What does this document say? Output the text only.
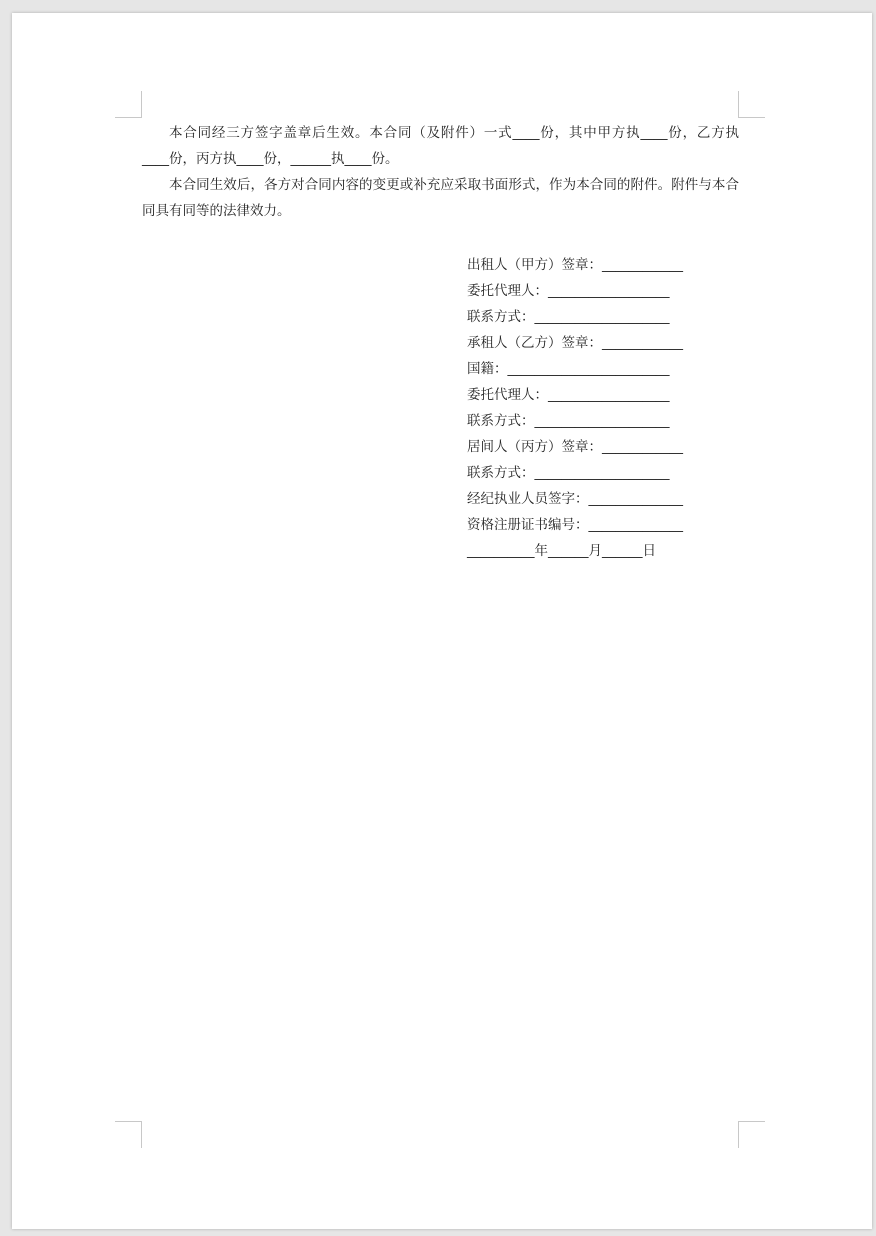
本合同经三方签字盖章后生效。本合同（及附件）一式____份，其中甲方执____份，乙方执 ____份，丙方执____份，______执____份。

本合同生效后，各方对合同内容的变更或补充应采取书面形式，作为本合同的附件。附件与本合同具有同等的法律效力。

出租人（甲方）签章：____________
委托代理人：__________________
联系方式：____________________
承租人（乙方）签章：____________
国籍：________________________
委托代理人：__________________
联系方式：____________________
居间人（丙方）签章：____________
联系方式：____________________
经纪执业人员签字：______________
资格注册证书编号：______________
__________年______月______日
